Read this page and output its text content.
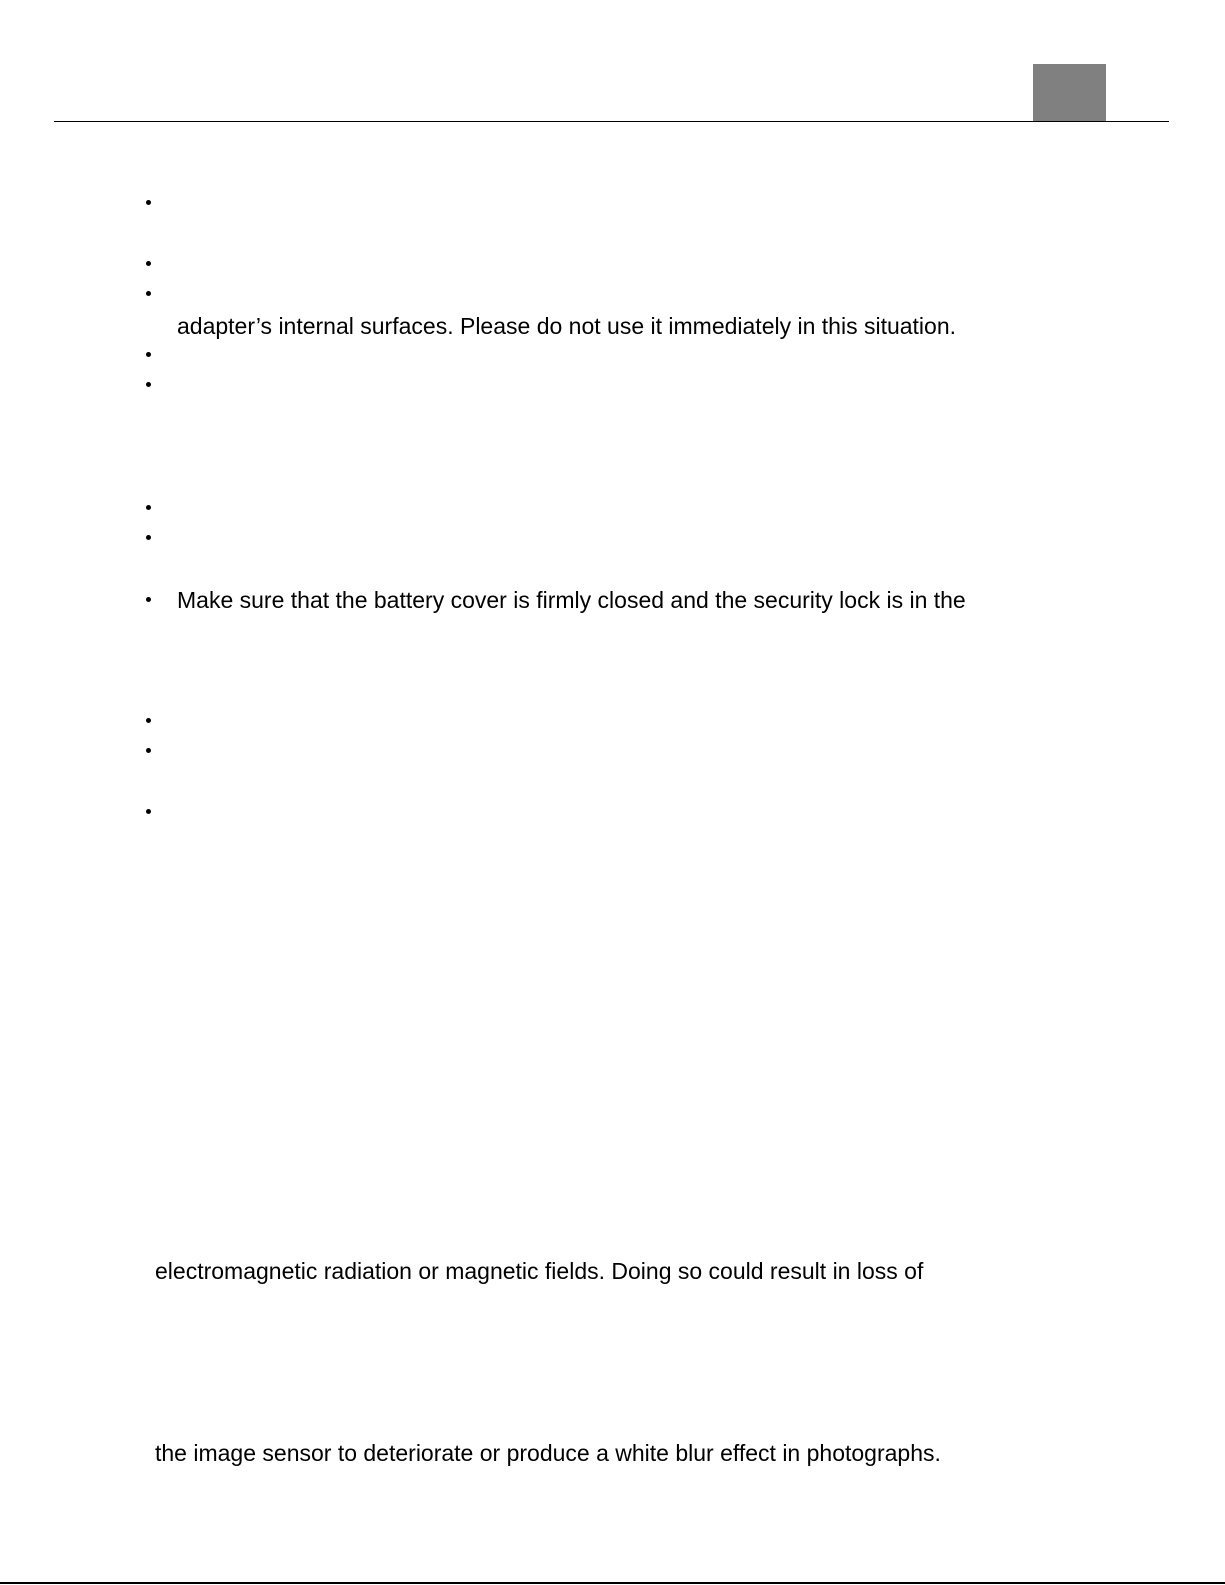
adapter’s internal surfaces. Please do not use it immediately in this situation.
Make sure that the battery cover is firmly closed and the security lock is in the
electromagnetic radiation or magnetic fields. Doing so could result in loss of
the image sensor to deteriorate or produce a white blur effect in photographs.
